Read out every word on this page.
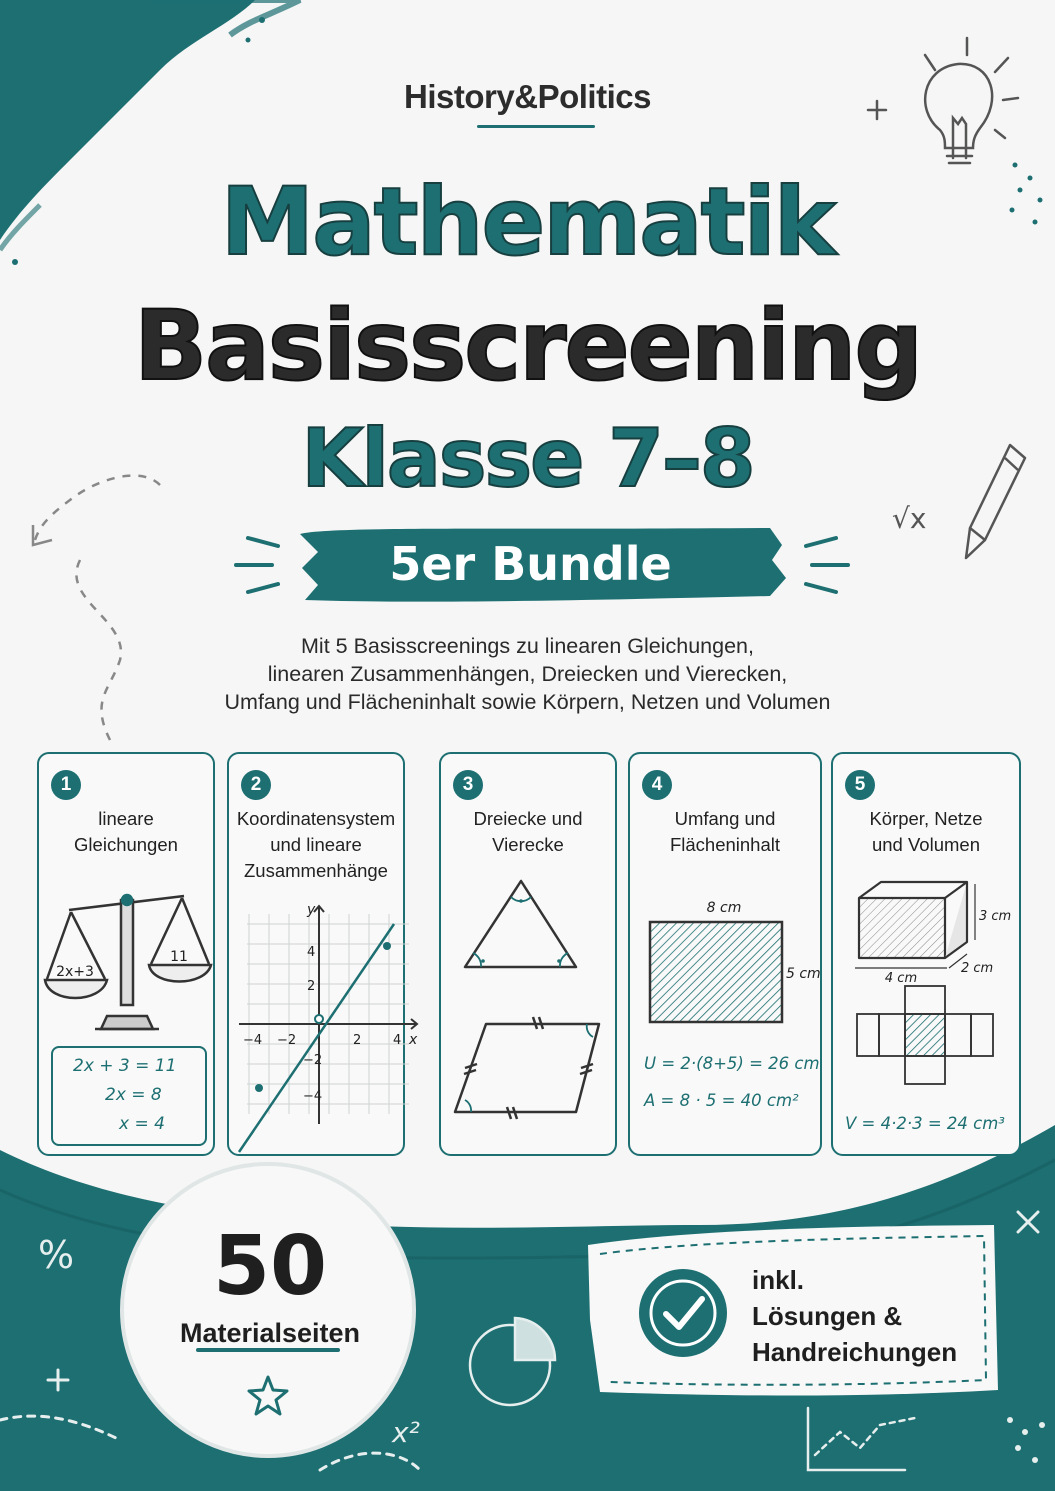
√x
%
x²
History&Politics
Mathematik
Basisscreening
Klasse 7–8
5er Bundle
Mit 5 Basisscreenings zu linearen Gleichungen,
linearen Zusammenhängen, Dreiecken und Vierecken,
Umfang und Flächeninhalt sowie Körpern, Netzen und Volumen
1
lineare
Gleichungen
2x+3
11
2x + 3 = 11
2x = 8
x = 4
2
Koordinatensystem
und lineare
Zusammenhänge
y
x
−4 −2	2 4
4
2
−2
−4
3
Dreiecke und
Vierecke
4
Umfang und
Flächeninhalt
8 cm
5 cm
U = 2·(8+5) = 26 cm
A = 8 · 5 = 40 cm²
5
Körper, Netze
und Volumen
3 cm
4 cm
2 cm
V = 4·2·3 = 24 cm³
50
Materialseiten
inkl.
Lösungen &
Handreichungen
